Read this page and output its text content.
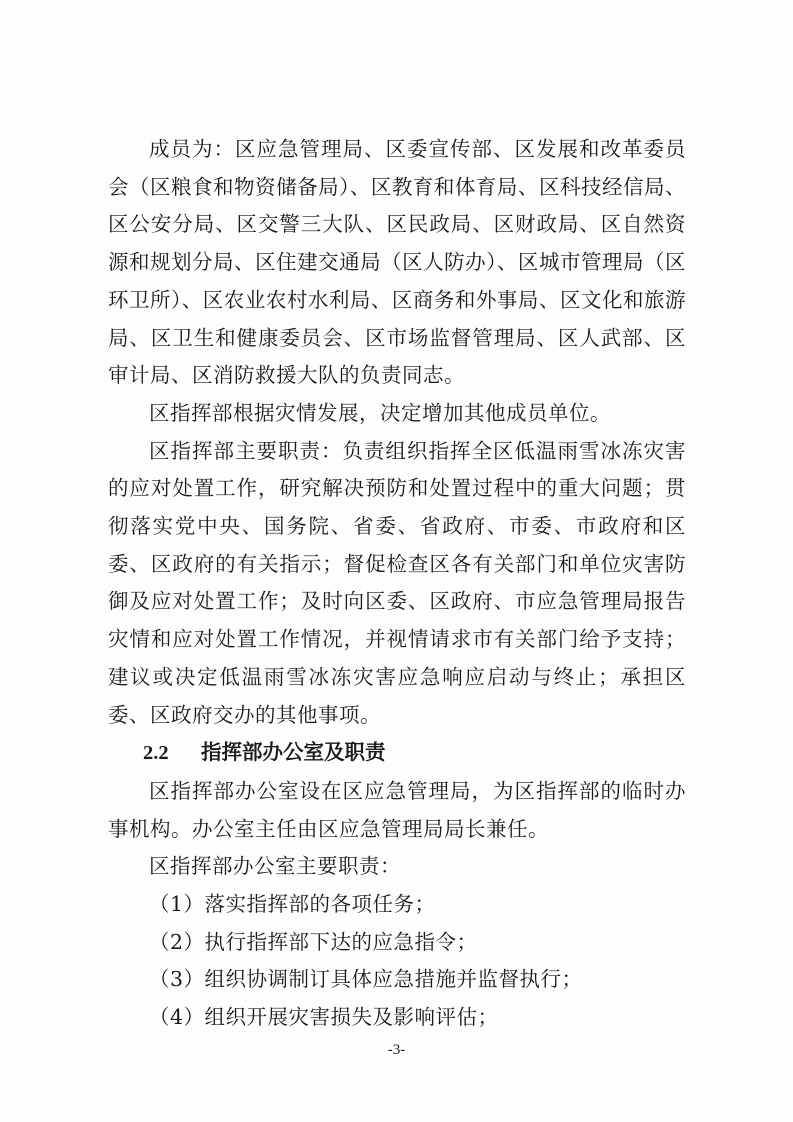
成员为：区应急管理局、区委宣传部、区发展和改革委员会（区粮食和物资储备局）、区教育和体育局、区科技经信局、区公安分局、区交警三大队、区民政局、区财政局、区自然资源和规划分局、区住建交通局（区人防办）、区城市管理局（区环卫所）、区农业农村水利局、区商务和外事局、区文化和旅游局、区卫生和健康委员会、区市场监督管理局、区人武部、区审计局、区消防救援大队的负责同志。

区指挥部根据灾情发展，决定增加其他成员单位。

区指挥部主要职责：负责组织指挥全区低温雨雪冰冻灾害的应对处置工作，研究解决预防和处置过程中的重大问题；贯彻落实党中央、国务院、省委、省政府、市委、市政府和区委、区政府的有关指示；督促检查区各有关部门和单位灾害防御及应对处置工作；及时向区委、区政府、市应急管理局报告灾情和应对处置工作情况，并视情请求市有关部门给予支持；建议或决定低温雨雪冰冻灾害应急响应启动与终止；承担区委、区政府交办的其他事项。

2.2 指挥部办公室及职责

区指挥部办公室设在区应急管理局，为区指挥部的临时办事机构。办公室主任由区应急管理局局长兼任。

区指挥部办公室主要职责：

（1）落实指挥部的各项任务；

（2）执行指挥部下达的应急指令；

（3）组织协调制订具体应急措施并监督执行；

（4）组织开展灾害损失及影响评估；

-3-
